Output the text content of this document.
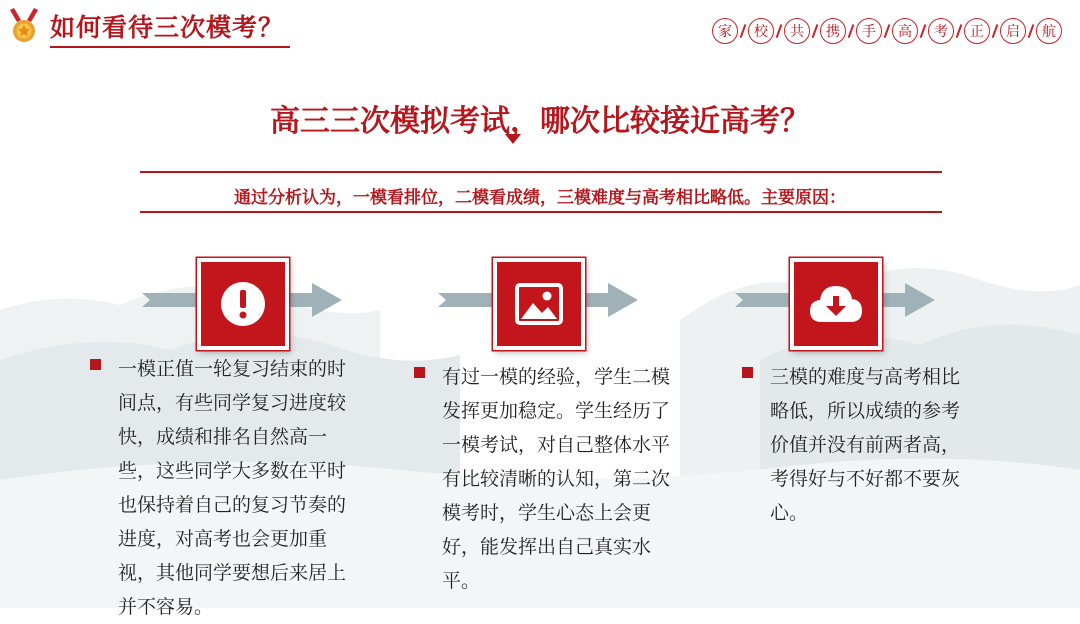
如何看待三次模考？	家	校	共	携	手	高	考	正	启	航
高三三次模拟考试，哪次比较接近高考？
通过分析认为，一模看排位，二模看成绩，三模难度与高考相比略低。主要原因：
一模正值一轮复习结束的时间点，有些同学复习进度较快，成绩和排名自然高一些，这些同学大多数在平时也保持着自己的复习节奏的进度，对高考也会更加重视，其他同学要想后来居上并不容易。
有过一模的经验，学生二模发挥更加稳定。学生经历了一模考试，对自己整体水平有比较清晰的认知，第二次模考时，学生心态上会更好，能发挥出自己真实水平。
三模的难度与高考相比略低，所以成绩的参考价值并没有前两者高，考得好与不好都不要灰心。
